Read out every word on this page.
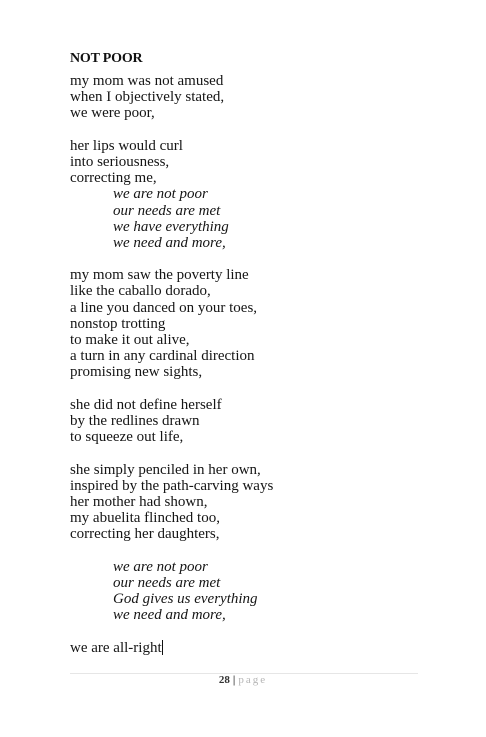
NOT POOR
my mom was not amused
when I objectively stated,
we were poor,
her lips would curl
into seriousness,
correcting me,
we are not poor
our needs are met
we have everything
we need and more,
my mom saw the poverty line
like the caballo dorado,
a line you danced on your toes,
nonstop trotting
to make it out alive,
a turn in any cardinal direction
promising new sights,
she did not define herself
by the redlines drawn
to squeeze out life,
she simply penciled in her own,
inspired by the path-carving ways
her mother had shown,
my abuelita flinched too,
correcting her daughters,
we are not poor
our needs are met
God gives us everything
we need and more,
we are all-right
28 | page
